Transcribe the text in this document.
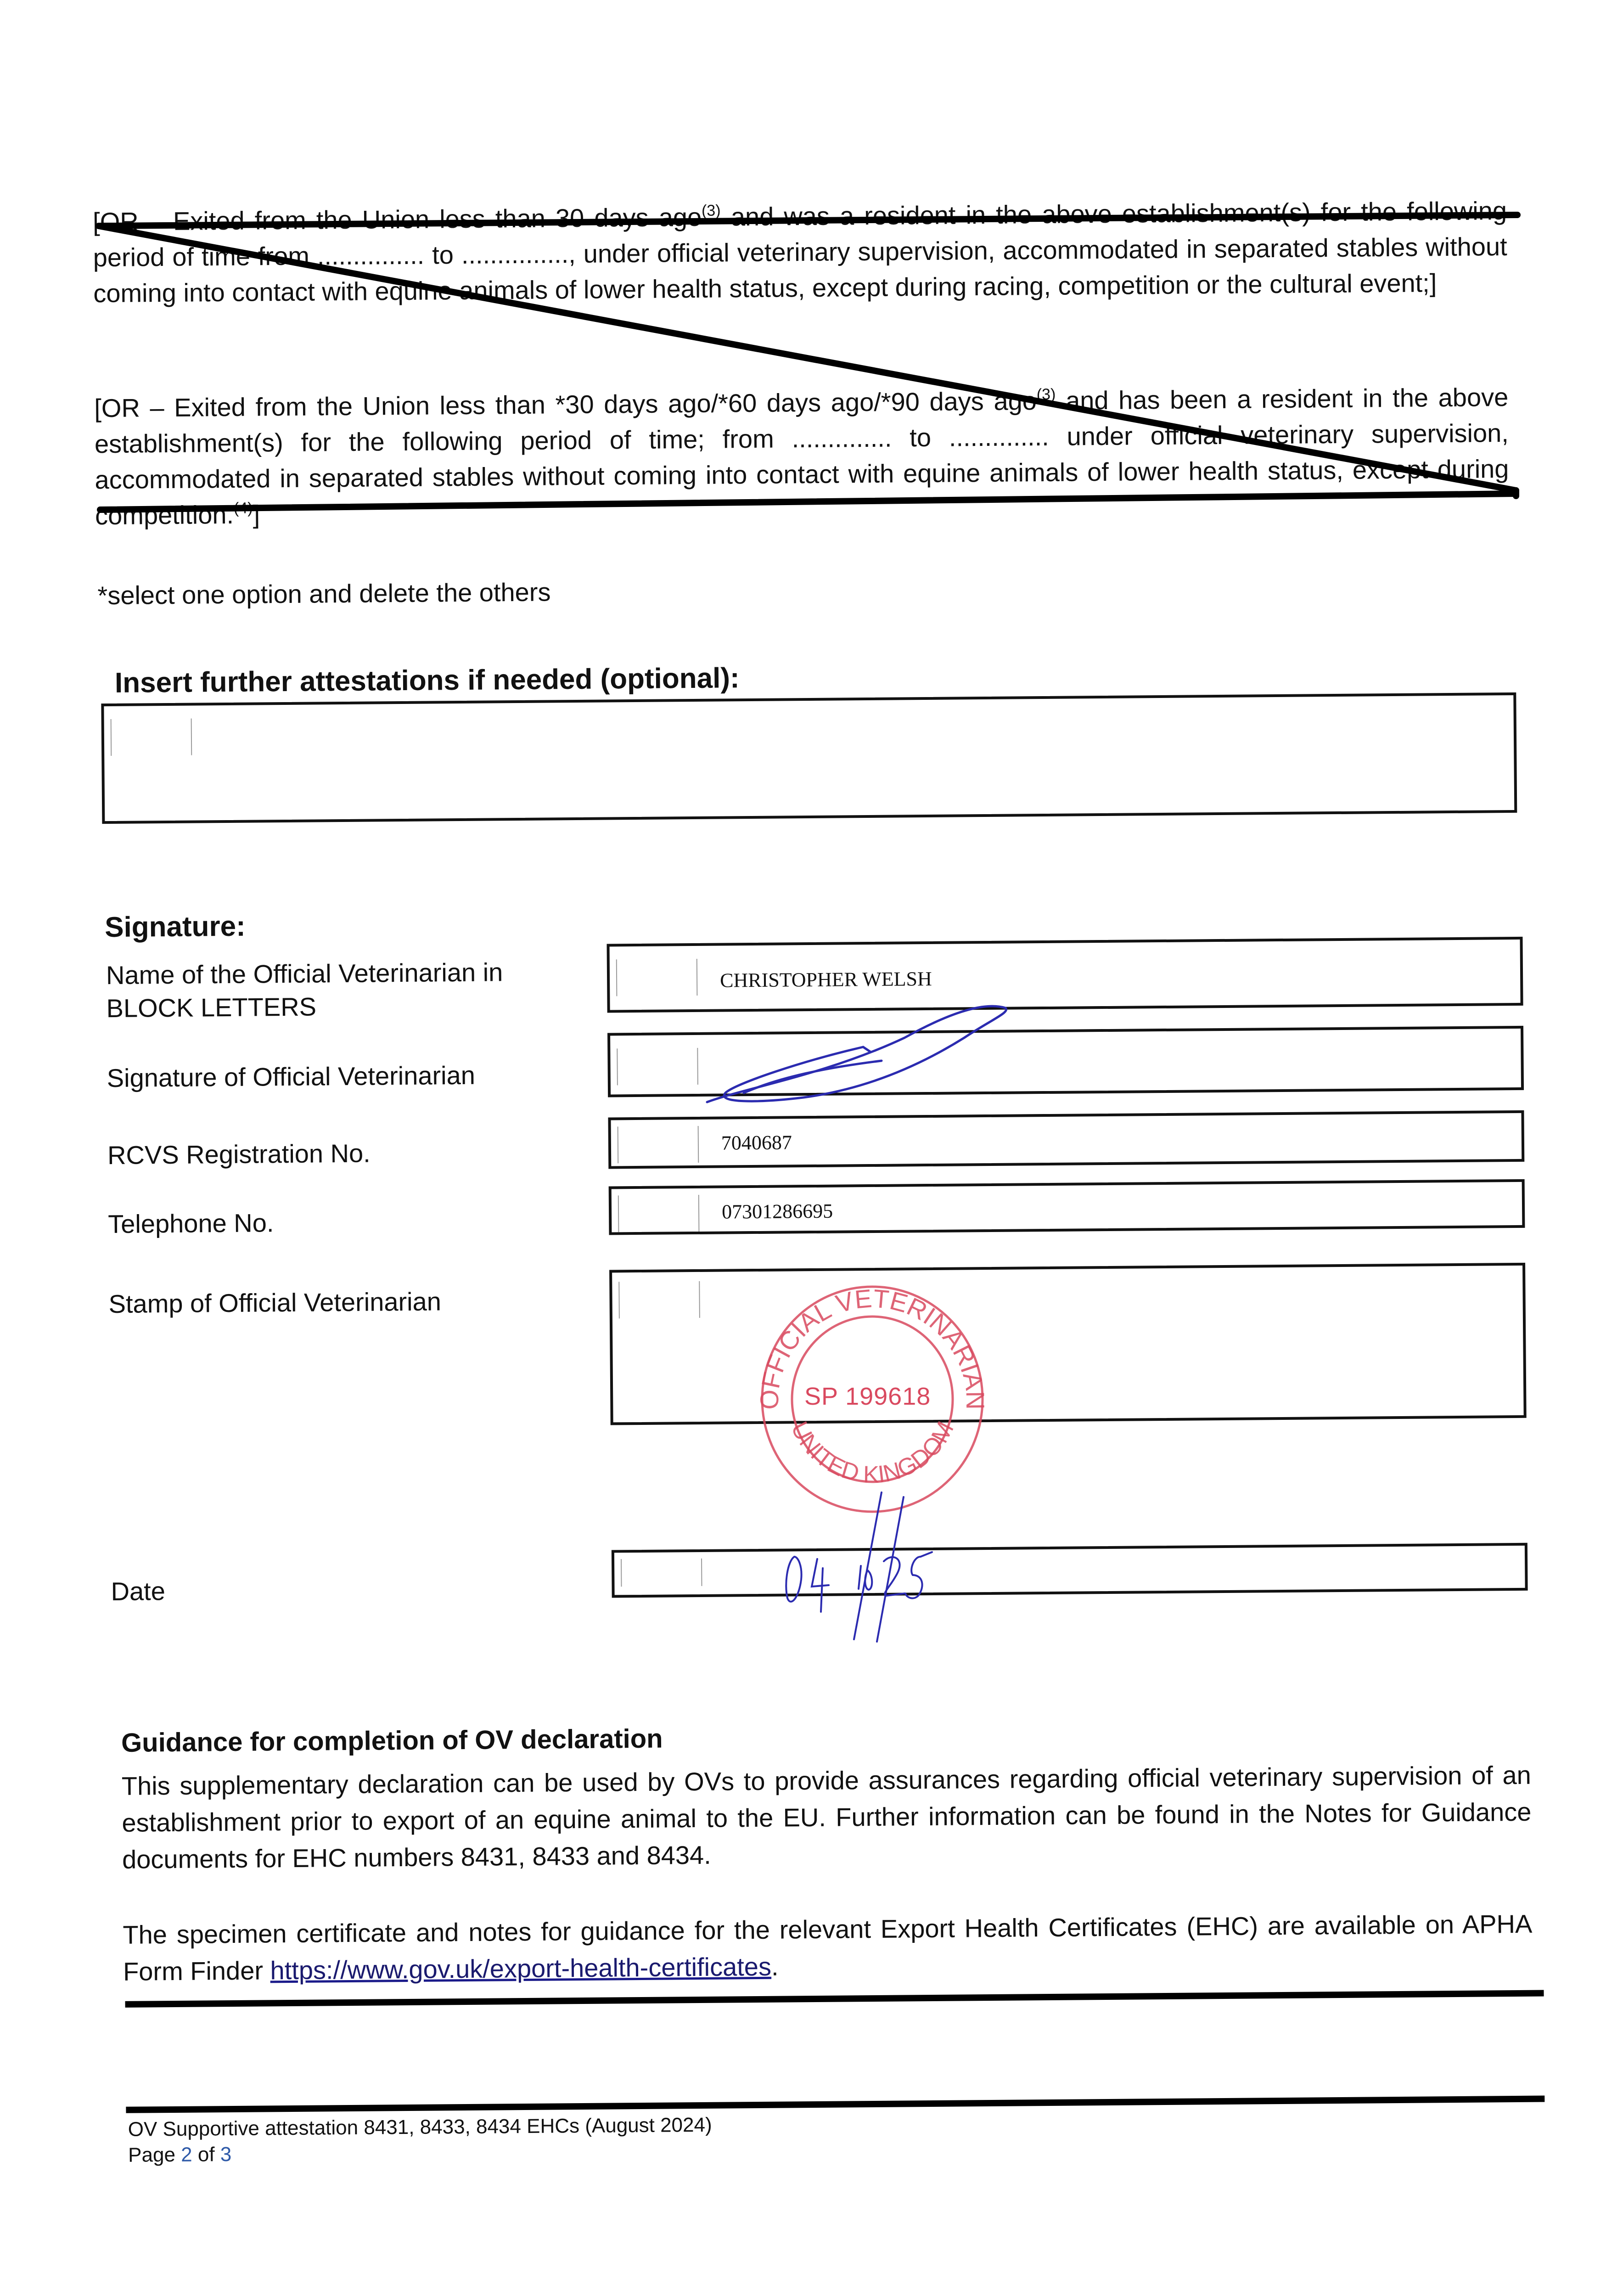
[OR – Exited from the Union less than 30 days ago$^{(3)}$ and was a resident in the above establishment(s) for the following period of time from ............... to ..............., under official veterinary supervision, accommodated in separated stables without coming into contact with equine animals of lower health status, except during racing, competition or the cultural event;]
[OR – Exited from the Union less than *30 days ago/*60 days ago/*90 days ago$^{(3)}$ and has been a resident in the above establishment(s) for the following period of time; from .............. to .............. under official veterinary supervision, accommodated in separated stables without coming into contact with equine animals of lower health status, except during competition.$^{(4)}$]
*select one option and delete the others
Insert further attestations if needed (optional):
Signature:
Name of the Official Veterinarian in BLOCK LETTERS
CHRISTOPHER WELSH
Signature of Official Veterinarian
RCVS Registration No.	7040687
Telephone No.	07301286695
Stamp of Official Veterinarian
Date
Guidance for completion of OV declaration
This supplementary declaration can be used by OVs to provide assurances regarding official veterinary supervision of an establishment prior to export of an equine animal to the EU. Further information can be found in the Notes for Guidance documents for EHC numbers 8431, 8433 and 8434.
The specimen certificate and notes for guidance for the relevant Export Health Certificates (EHC) are available on APHA Form Finder https://www.gov.uk/export-health-certificates.
OV Supportive attestation 8431, 8433, 8434 EHCs (August 2024)
Page 2 of 3
OFFICIAL VETERINARIAN
UNITED KINGDOM
SP 199618
